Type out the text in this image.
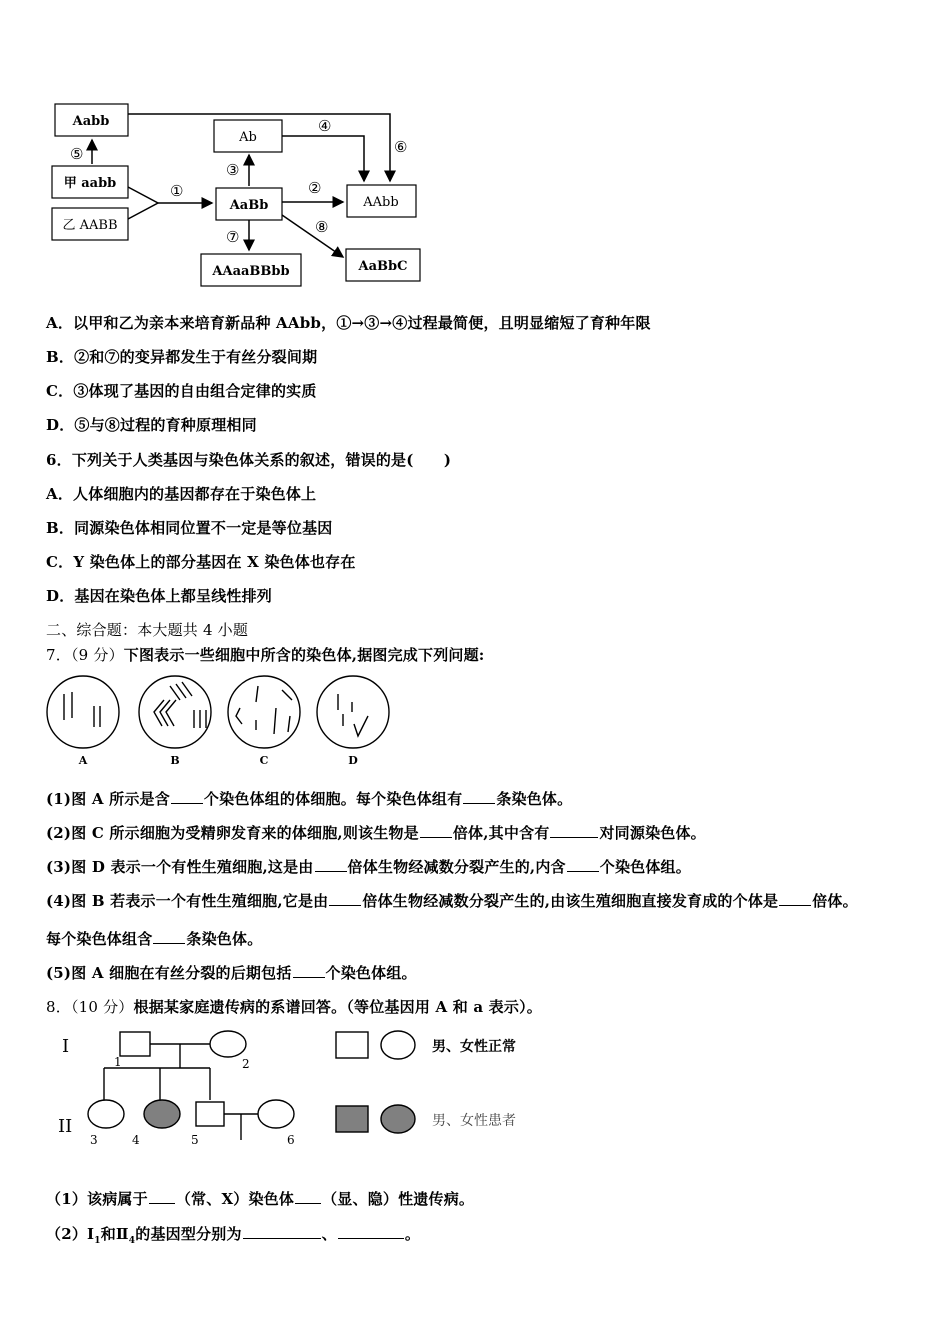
Aabb
甲 aabb
乙 AABB
Ab
AaBb	AAbb
AAaaBBbb	AaBbC
⑤
①
③
④
⑥
②
⑦
⑧
A．以甲和乙为亲本来培育新品种 AAbb，①→③→④过程最简便，且明显缩短了育种年限
B．②和⑦的变异都发生于有丝分裂间期
C．③体现了基因的自由组合定律的实质
D．⑤与⑧过程的育种原理相同
6．下列关于人类基因与染色体关系的叙述，错误的是(　　)
A．人体细胞内的基因都存在于染色体上
B．同源染色体相同位置不一定是等位基因
C．Y 染色体上的部分基因在 X 染色体也存在
D．基因在染色体上都呈线性排列
二、综合题：本大题共 4 小题
7．（9 分）下图表示一些细胞中所含的染色体,据图完成下列问题:
A	B	C	D
(1)图 A 所示是含 个染色体组的体细胞。每个染色体组有 条染色体。
(2)图 C 所示细胞为受精卵发育来的体细胞,则该生物是 倍体,其中含有	对同源染色体。
(3)图 D 表示一个有性生殖细胞,这是由 倍体生物经减数分裂产生的,内含 个染色体组。
(4)图 B 若表示一个有性生殖细胞,它是由 倍体生物经减数分裂产生的,由该生殖细胞直接发育成的个体是 倍体。
每个染色体组含 条染色体。
(5)图 A 细胞在有丝分裂的后期包括 个染色体组。
8．（10 分）根据某家庭遗传病的系谱回答。（等位基因用 A 和 a 表示）。
I
II
1	2
3	4	5	6
男、女性正常
男、女性患者
（1）该病属于 （常、X）染色体 （显、隐）性遗传病。
$(2)Ⅰ_1$和$Ⅱ_4$的基因型分别为	、	。
